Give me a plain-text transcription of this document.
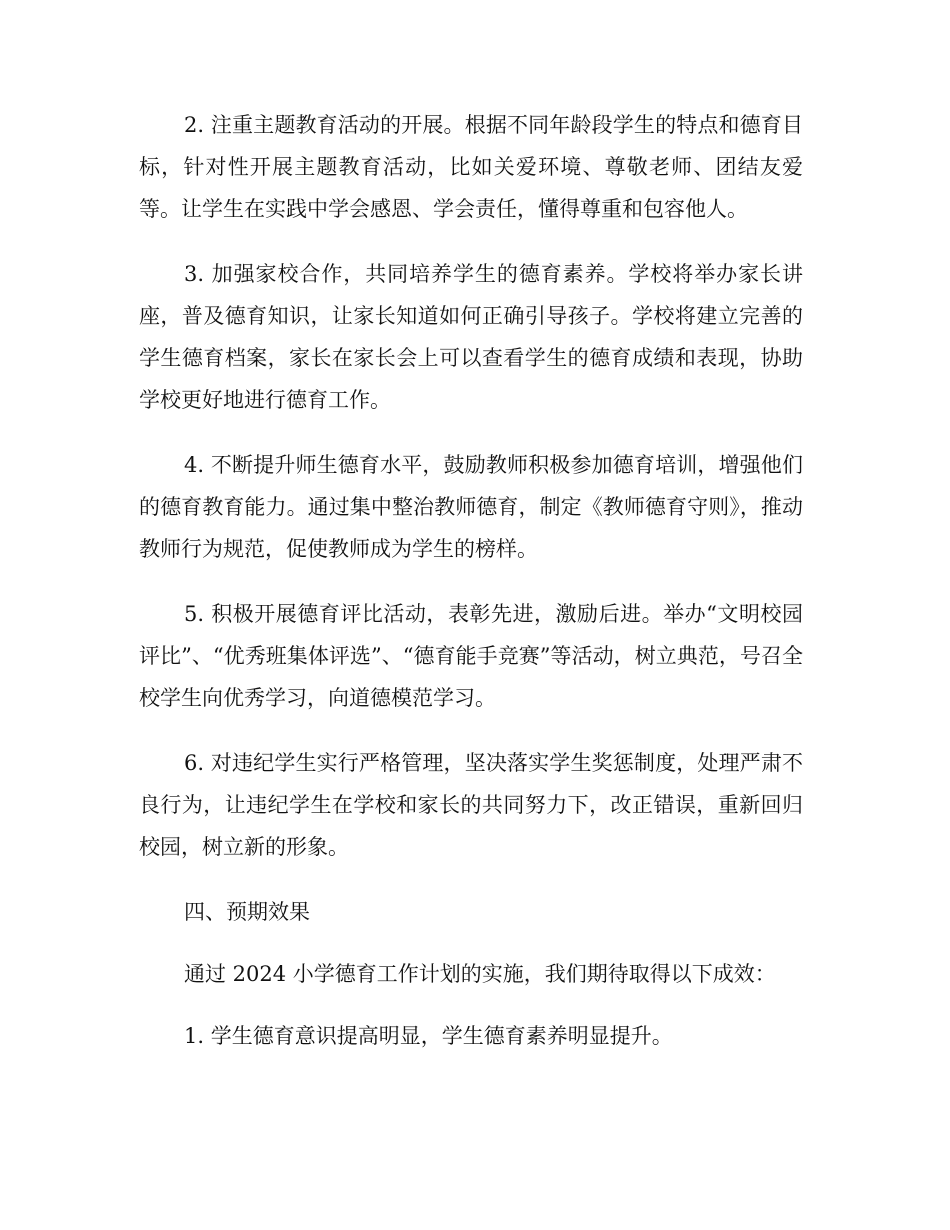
2. 注重主题教育活动的开展。根据不同年龄段学生的特点和德育目标，针对性开展主题教育活动，比如关爱环境、尊敬老师、团结友爱等。让学生在实践中学会感恩、学会责任，懂得尊重和包容他人。

3. 加强家校合作，共同培养学生的德育素养。学校将举办家长讲座，普及德育知识，让家长知道如何正确引导孩子。学校将建立完善的学生德育档案，家长在家长会上可以查看学生的德育成绩和表现，协助学校更好地进行德育工作。

4. 不断提升师生德育水平，鼓励教师积极参加德育培训，增强他们的德育教育能力。通过集中整治教师德育，制定《教师德育守则》，推动教师行为规范，促使教师成为学生的榜样。

5. 积极开展德育评比活动，表彰先进，激励后进。举办“文明校园评比”、“优秀班集体评选”、“德育能手竞赛”等活动，树立典范，号召全校学生向优秀学习，向道德模范学习。

6. 对违纪学生实行严格管理，坚决落实学生奖惩制度，处理严肃不良行为，让违纪学生在学校和家长的共同努力下，改正错误，重新回归校园，树立新的形象。

四、预期效果

通过 2024 小学德育工作计划的实施，我们期待取得以下成效：

1. 学生德育意识提高明显，学生德育素养明显提升。
